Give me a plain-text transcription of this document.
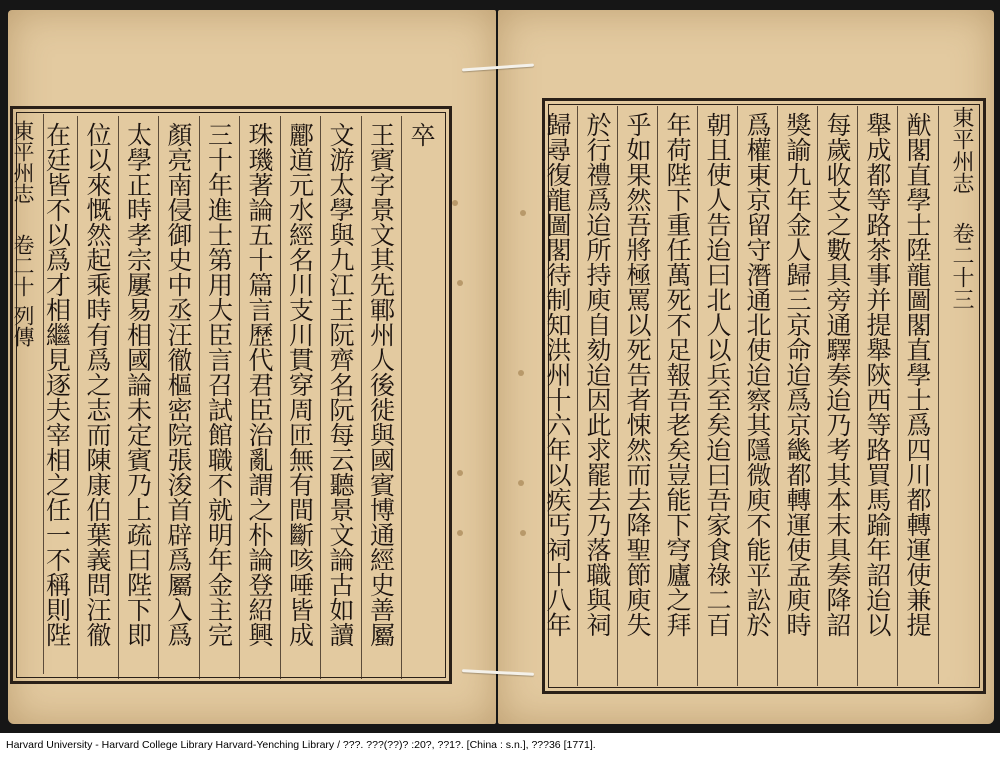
東平州志卷二十列傳
卒
王賓字景文其先鄆州人後徙與國賓博通經史善屬
文游太學與九江王阮齊名阮每云聽景文論古如讀
酈道元水經名川支川貫穿周匝無有間斷咳唾皆成
珠璣著論五十篇言歷代君臣治亂謂之朴論登紹興
三十年進士第用大臣言召試館職不就明年金主完
顏亮南侵御史中丞汪徹樞密院張浚首辟爲屬入爲
太學正時孝宗屢易相國論未定賓乃上疏曰陛下即
位以來慨然起乘時有爲之志而陳康伯葉義問汪徹
在廷皆不以爲才相繼見逐夫宰相之任一不稱則陛	猷閣直學士陞龍圖閣直學士爲四川都轉運使兼提
舉成都等路茶事并提舉陝西等路買馬踰年詔迨以
每歲收支之數具旁通驛奏迨乃考其本末具奏降詔
獎諭九年金人歸三京命迨爲京畿都轉運使孟庾時
爲權東京留守潛通北使迨察其隱微庾不能平訟於
朝且使人告迨曰北人以兵至矣迨曰吾家食祿二百
年荷陛下重任萬死不足報吾老矣豈能下穹廬之拜
乎如果然吾將極罵以死告者悚然而去降聖節庾失
於行禮爲迨所持庾自劾迨因此求罷去乃落職與祠
歸尋復龍圖閣待制知洪州十六年以疾丐祠十八年	東平州志卷二十三
Harvard University - Harvard College Library Harvard-Yenching Library / ???. ???(??)? :20?, ??1?. [China : s.n.], ???36 [1771].
